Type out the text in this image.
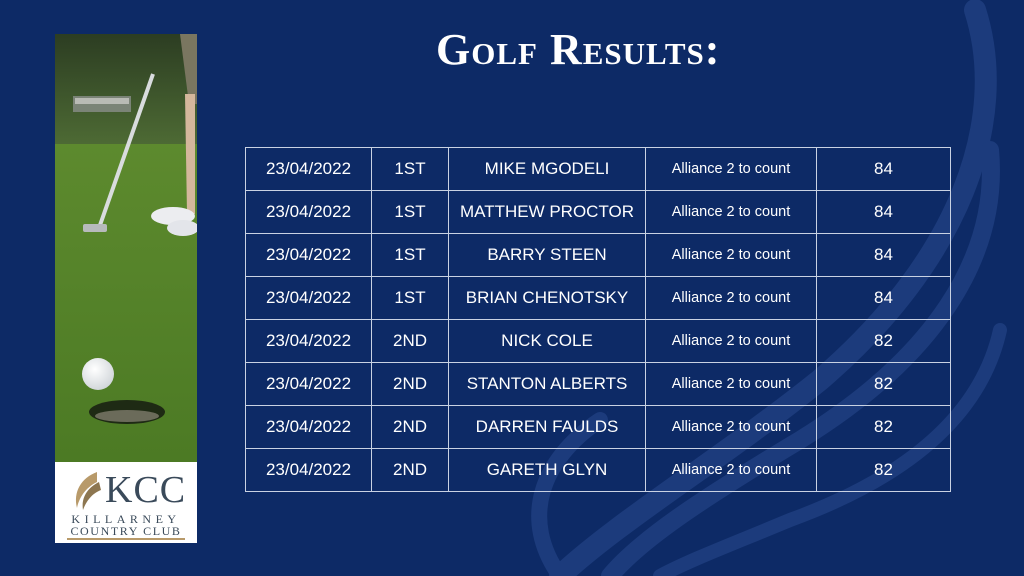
Golf Results:
KCC
KILLARNEY
COUNTRY CLUB
23/04/2022	1ST	MIKE MGODELI	Alliance 2 to count	84
23/04/2022	1ST	MATTHEW PROCTOR	Alliance 2 to count	84
23/04/2022	1ST	BARRY STEEN	Alliance 2 to count	84
23/04/2022	1ST	BRIAN CHENOTSKY	Alliance 2 to count	84
23/04/2022	2ND	NICK COLE	Alliance 2 to count	82
23/04/2022	2ND	STANTON ALBERTS	Alliance 2 to count	82
23/04/2022	2ND	DARREN FAULDS	Alliance 2 to count	82
23/04/2022	2ND	GARETH GLYN	Alliance 2 to count	82
